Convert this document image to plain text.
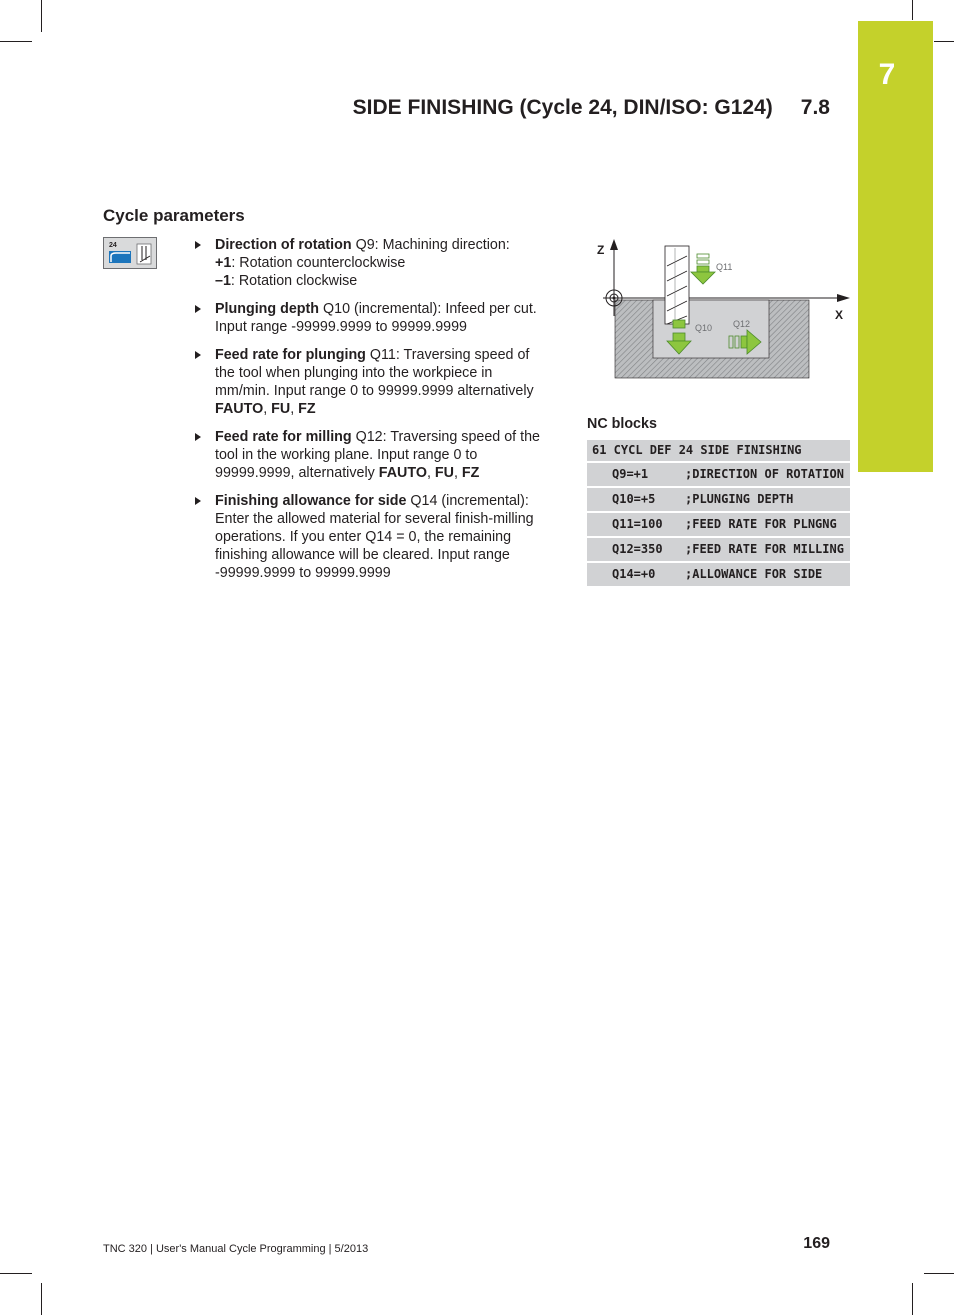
7
SIDE FINISHING (Cycle 24, DIN/ISO: G124) 7.8
Cycle parameters
24	Direction of rotation Q9: Machining direction:
+1: Rotation counterclockwise
–1: Rotation clockwise
Plunging depth Q10 (incremental): Infeed per cut. Input range -99999.9999 to 99999.9999
Feed rate for plunging Q11: Traversing speed of the tool when plunging into the workpiece in mm/min. Input range 0 to 99999.9999 alternatively FAUTO, FU, FZ
Feed rate for milling Q12: Traversing speed of the tool in the working plane. Input range 0 to 99999.9999, alternatively FAUTO, FU, FZ
Finishing allowance for side Q14 (incremental): Enter the allowed material for several finish-milling operations. If you enter Q14 = 0, the remaining finishing allowance will be cleared. Input range -99999.9999 to 99999.9999
Z
X
Q11
Q10 Q12
NC blocks
61 CYCL DEF 24 SIDE FINISHING
Q9=+1	;DIRECTION OF ROTATION
Q10=+5	;PLUNGING DEPTH
Q11=100	;FEED RATE FOR PLNGNG
Q12=350	;FEED RATE FOR MILLING
Q14=+0	;ALLOWANCE FOR SIDE
TNC 320 | User's Manual Cycle Programming | 5/2013	169
